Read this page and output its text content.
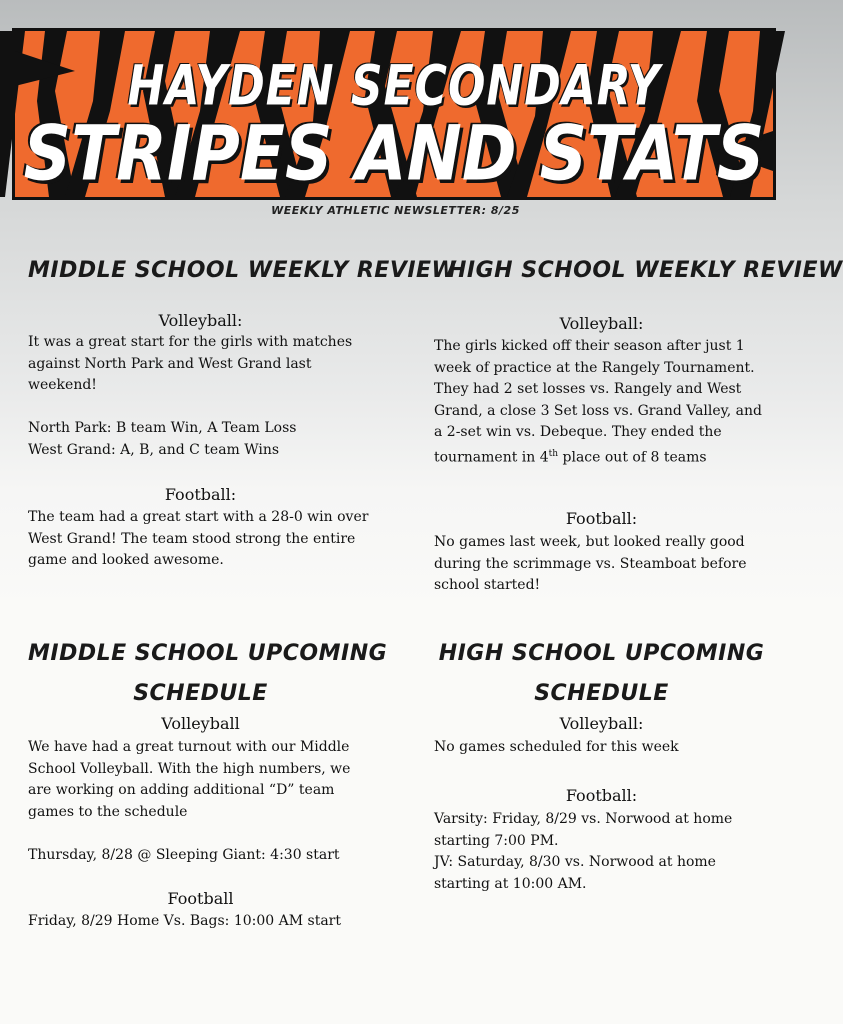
HAYDEN SECONDARY
STRIPES AND STATS
WEEKLY ATHLETIC NEWSLETTER: 8/25
MIDDLE SCHOOL WEEKLY REVIEW
Volleyball:

It was a great start for the girls with matches against North Park and West Grand last weekend!

North Park: B team Win, A Team Loss

West Grand: A, B, and C team Wins

Football:
The team had a great start with a 28-0 win over West Grand! The team stood strong the entire game and looked awesome.
HIGH SCHOOL WEEKLY REVIEW
Volleyball:
The girls kicked off their season after just 1 week of practice at the Rangely Tournament. They had 2 set losses vs. Rangely and West Grand, a close 3 Set loss vs. Grand Valley, and a 2-set win vs. Debeque. They ended the tournament in 4th place out of 8 teams
Football:
No games last week, but looked really good during the scrimmage vs. Steamboat before school started!
MIDDLE SCHOOL UPCOMING
SCHEDULE
Volleyball

We have had a great turnout with our Middle School Volleyball. With the high numbers, we are working on adding additional “D” team games to the schedule

Thursday, 8/28 @ Sleeping Giant: 4:30 start

Football
Friday, 8/29 Home Vs. Bags: 10:00 AM start
HIGH SCHOOL UPCOMING
SCHEDULE
Volleyball:
No games scheduled for this week
Football:

Varsity: Friday, 8/29 vs. Norwood at home starting 7:00 PM.

JV: Saturday, 8/30 vs. Norwood at home starting at 10:00 AM.
